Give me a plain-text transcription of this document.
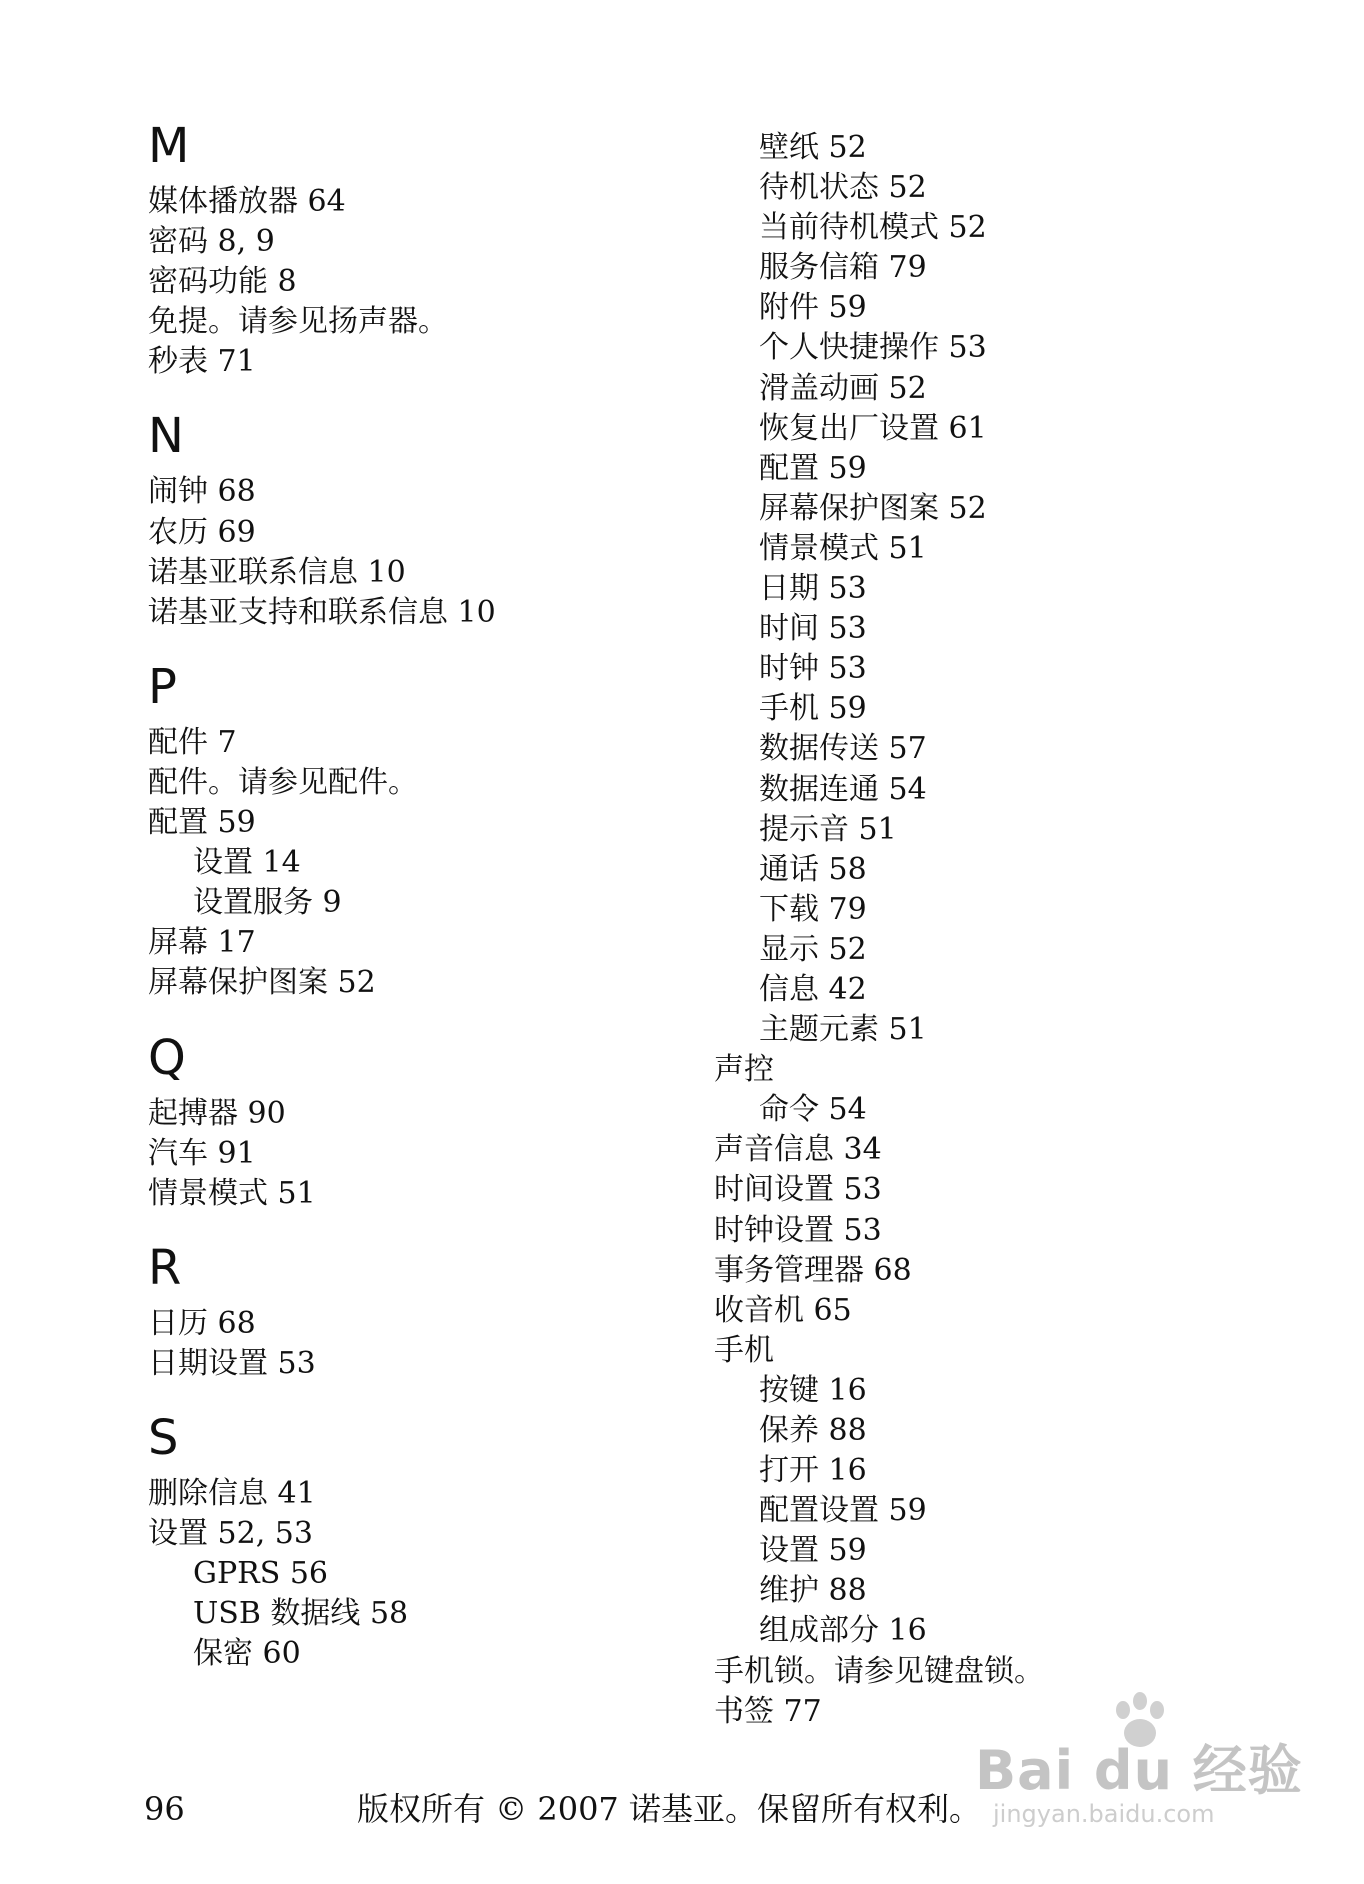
M
媒体播放器 64
密码 8, 9
密码功能 8
免提。请参见扬声器。
秒表 71
N
闹钟 68
农历 69
诺基亚联系信息 10
诺基亚支持和联系信息 10
P
配件 7
配件。请参见配件。
配置 59
设置 14
设置服务 9
屏幕 17
屏幕保护图案 52
Q
起搏器 90
汽车 91
情景模式 51
R
日历 68
日期设置 53
S
删除信息 41
设置 52, 53
GPRS 56
USB 数据线 58
保密 60
壁纸 52
待机状态 52
当前待机模式 52
服务信箱 79
附件 59
个人快捷操作 53
滑盖动画 52
恢复出厂设置 61
配置 59
屏幕保护图案 52
情景模式 51
日期 53
时间 53
时钟 53
手机 59
数据传送 57
数据连通 54
提示音 51
通话 58
下载 79
显示 52
信息 42
主题元素 51
声控
命令 54
声音信息 34
时间设置 53
时钟设置 53
事务管理器 68
收音机 65
手机
按键 16
保养 88
打开 16
配置设置 59
设置 59
维护 88
组成部分 16
手机锁。请参见键盘锁。
书签 77
96	版权所有 © 2007 诺基亚。保留所有权利。
Bai du 经验
jingyan.baidu.com
